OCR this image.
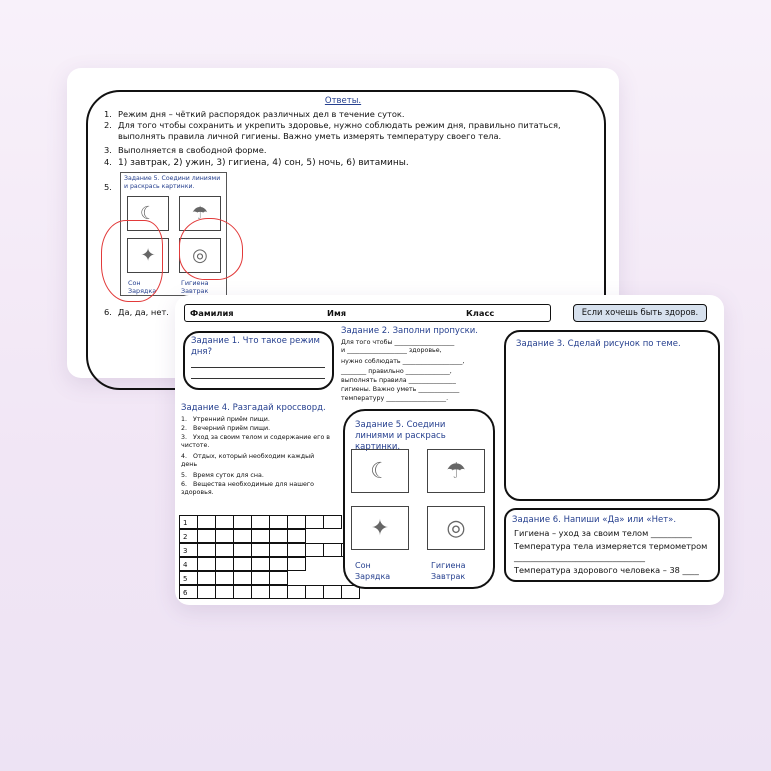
Ответы.
1. Режим дня – чёткий распорядок различных дел в течение суток.
2. Для того чтобы сохранить и укрепить здоровье, нужно соблюдать режим дня, правильно питаться,
выполнять правила личной гигиены. Важно уметь измерять температуру своего тела.
3. Выполняется в свободной форме.
4. 1) завтрак, 2) ужин, 3) гигиена, 4) сон, 5) ночь, 6) витамины.
5.
6. Да, да, нет.
Задание 5. Соедини линиями и раскрась картинки.
☾	☂
✦	◎
Сон
Зарядка
Гигиена
Завтрак
Фамилия	Имя	Класс	Если хочешь быть здоров.
Задание 1. Что такое режим дня?
Задание 2. Заполни пропуски.
Для того чтобы ___________________
и ___________________ здоровье,
нужно соблюдать ___________________,
________ правильно ______________,
выполнять правила _______________
гигиены. Важно уметь _____________
температуру ___________________.
Задание 3. Сделай рисунок по теме.
Задание 4. Разгадай кроссворд.
1. Утренний приём пищи.
2. Вечерний приём пищи.
3. Уход за своим телом и содержание его в чистоте.
4. Отдых, который необходим каждый день
5. Время суток для сна.
6. Вещества необходимые для нашего здоровья.
1
2
3
4
5
6
Задание 5. Соедини линиями и раскрась картинки.
☾	☂
✦	◎
Сон
Зарядка
Гигиена
Завтрак
Задание 6. Напиши «Да» или «Нет».
Гигиена – уход за своим телом __________
Температура тела измеряется термометром
________________________________
Температура здорового человека – 38 ____
